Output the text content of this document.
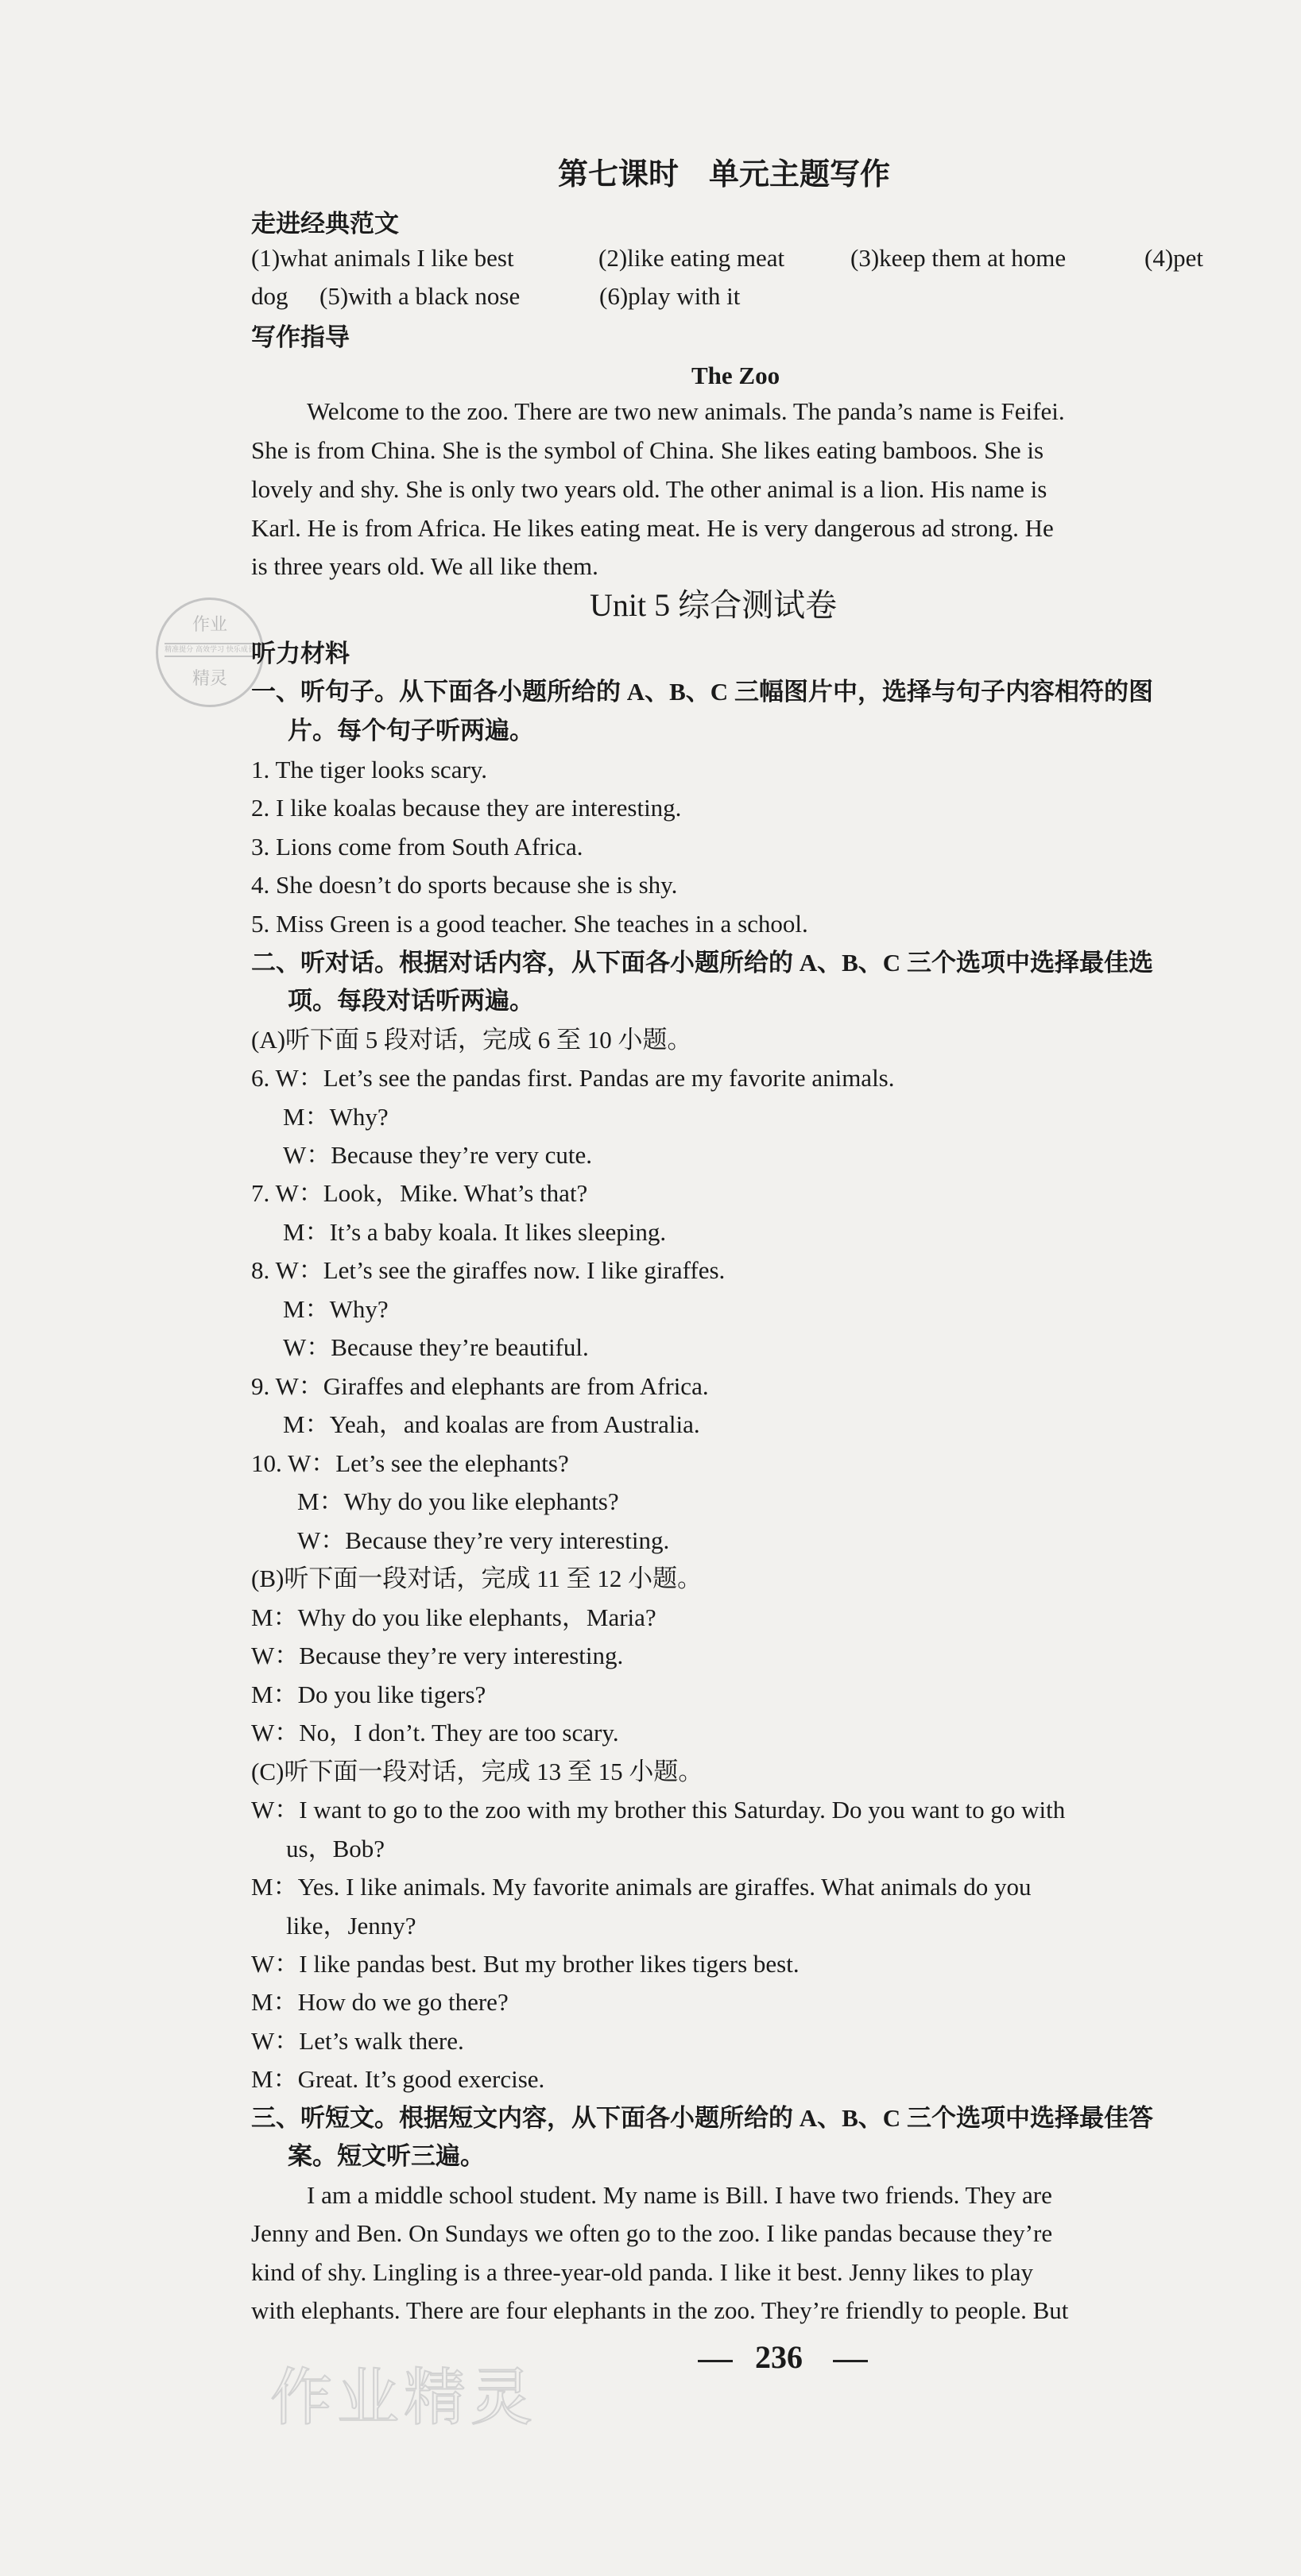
第七课时　单元主题写作
走进经典范文
(1)what animals I like best	(2)like eating meat	(3)keep them at home	(4)pet
dog (5)with a black nose	(6)play with it
写作指导
The Zoo
Welcome to the zoo. There are two new animals. The panda’s name is Feifei.
She is from China. She is the symbol of China. She likes eating bamboos. She is
lovely and shy. She is only two years old. The other animal is a lion. His name is
Karl. He is from Africa. He likes eating meat. He is very dangerous ad strong. He
is three years old. We all like them.
Unit 5 综合测试卷
作业
精准提分 高效学习 快乐成长
精灵
听力材料
一、听句子。从下面各小题所给的 A、B、C 三幅图片中，选择与句子内容相符的图
片。每个句子听两遍。
1. The tiger looks scary.
2. I like koalas because they are interesting.
3. Lions come from South Africa.
4. She doesn’t do sports because she is shy.
5. Miss Green is a good teacher. She teaches in a school.
二、听对话。根据对话内容，从下面各小题所给的 A、B、C 三个选项中选择最佳选
项。每段对话听两遍。
(A)听下面 5 段对话，完成 6 至 10 小题。
6. W：Let’s see the pandas first. Pandas are my favorite animals.
M：Why?
W：Because they’re very cute.
7. W：Look，Mike. What’s that?
M：It’s a baby koala. It likes sleeping.
8. W：Let’s see the giraffes now. I like giraffes.
M：Why?
W：Because they’re beautiful.
9. W：Giraffes and elephants are from Africa.
M：Yeah，and koalas are from Australia.
10. W：Let’s see the elephants?
M：Why do you like elephants?
W：Because they’re very interesting.
(B)听下面一段对话，完成 11 至 12 小题。
M：Why do you like elephants，Maria?
W：Because they’re very interesting.
M：Do you like tigers?
W：No，I don’t. They are too scary.
(C)听下面一段对话，完成 13 至 15 小题。
W：I want to go to the zoo with my brother this Saturday. Do you want to go with
us，Bob?
M：Yes. I like animals. My favorite animals are giraffes. What animals do you
like，Jenny?
W：I like pandas best. But my brother likes tigers best.
M：How do we go there?
W：Let’s walk there.
M：Great. It’s good exercise.
三、听短文。根据短文内容，从下面各小题所给的 A、B、C 三个选项中选择最佳答
案。短文听三遍。
I am a middle school student. My name is Bill. I have two friends. They are
Jenny and Ben. On Sundays we often go to the zoo. I like pandas because they’re
kind of shy. Lingling is a three-year-old panda. I like it best. Jenny likes to play
with elephants. There are four elephants in the zoo. They’re friendly to people. But
236
作业精灵
